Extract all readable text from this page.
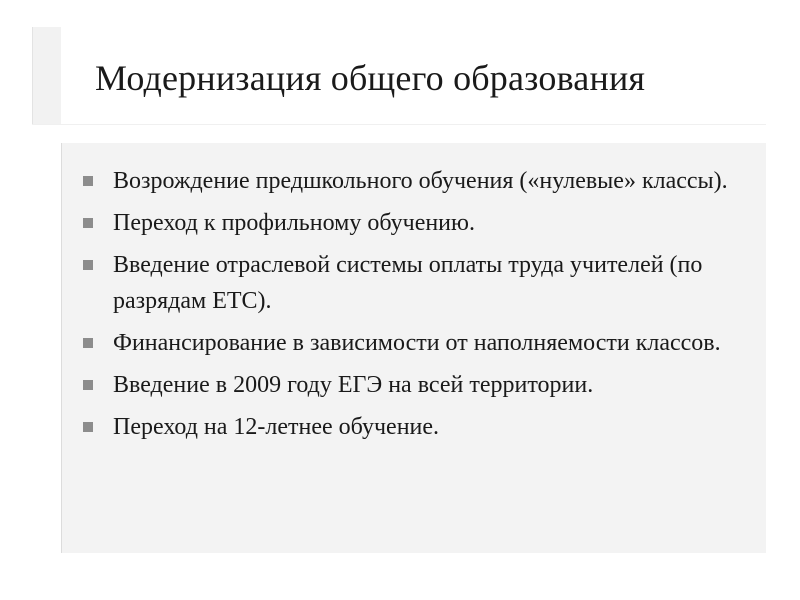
Модернизация общего образования
Возрождение предшкольного обучения («нулевые» классы).
Переход к профильному обучению.
Введение отраслевой системы оплаты труда учителей (по разрядам ЕТС).
Финансирование в зависимости от наполняемости классов.
Введение в 2009 году ЕГЭ на всей территории.
Переход на 12-летнее обучение.
